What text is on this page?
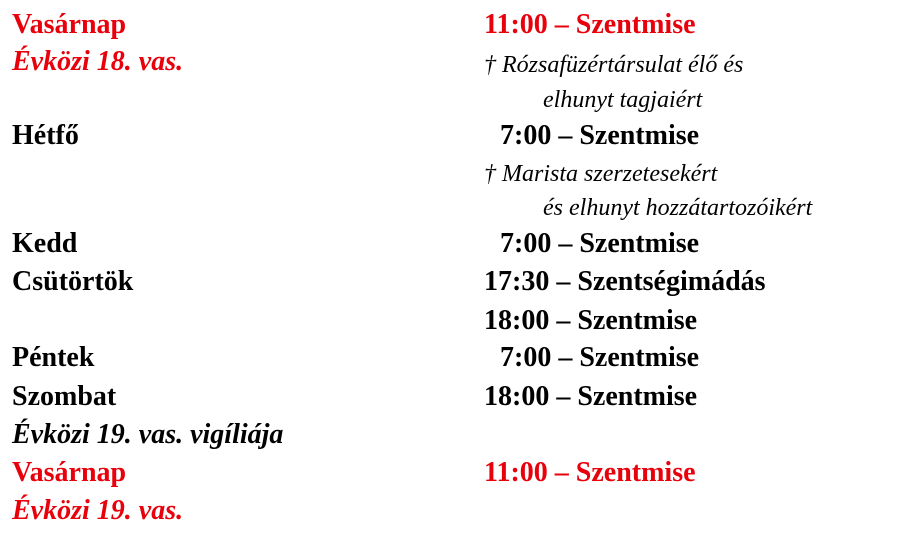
Vasárnap	11:00 – Szentmise
Évközi 18. vas.	† Rózsafüzértársulat élő és
elhunyt tagjaiért
Hétfő	7:00 – Szentmise
† Marista szerzetesekért
és elhunyt hozzátartozóikért
Kedd	7:00 – Szentmise
Csütörtök	17:30 – Szentségimádás
18:00 – Szentmise
Péntek	7:00 – Szentmise
Szombat	18:00 – Szentmise
Évközi 19. vas. vigíliája
Vasárnap	11:00 – Szentmise
Évközi 19. vas.
